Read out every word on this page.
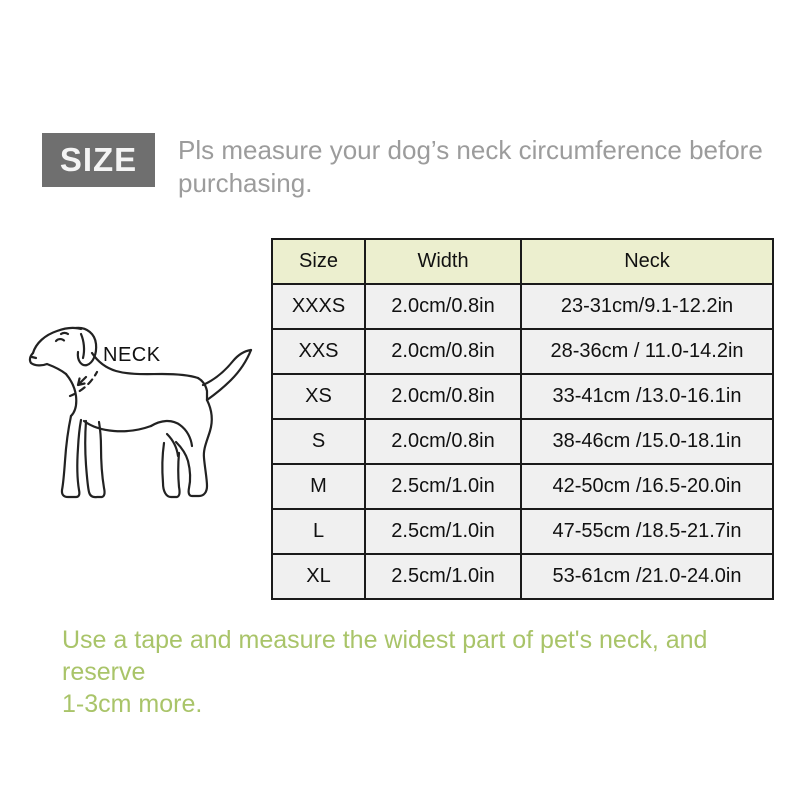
SIZE Pls measure your dog’s neck circumference before
purchasing.
NECK
Size	Width	Neck
XXXS	2.0cm/0.8in	23-31cm/9.1-12.2in
XXS	2.0cm/0.8in	28-36cm / 11.0-14.2in
XS	2.0cm/0.8in	33-41cm /13.0-16.1in
S	2.0cm/0.8in	38-46cm /15.0-18.1in
M	2.5cm/1.0in	42-50cm /16.5-20.0in
L	2.5cm/1.0in	47-55cm /18.5-21.7in
XL	2.5cm/1.0in	53-61cm /21.0-24.0in
Use a tape and measure the widest part of pet's neck, and reserve
1-3cm more.
